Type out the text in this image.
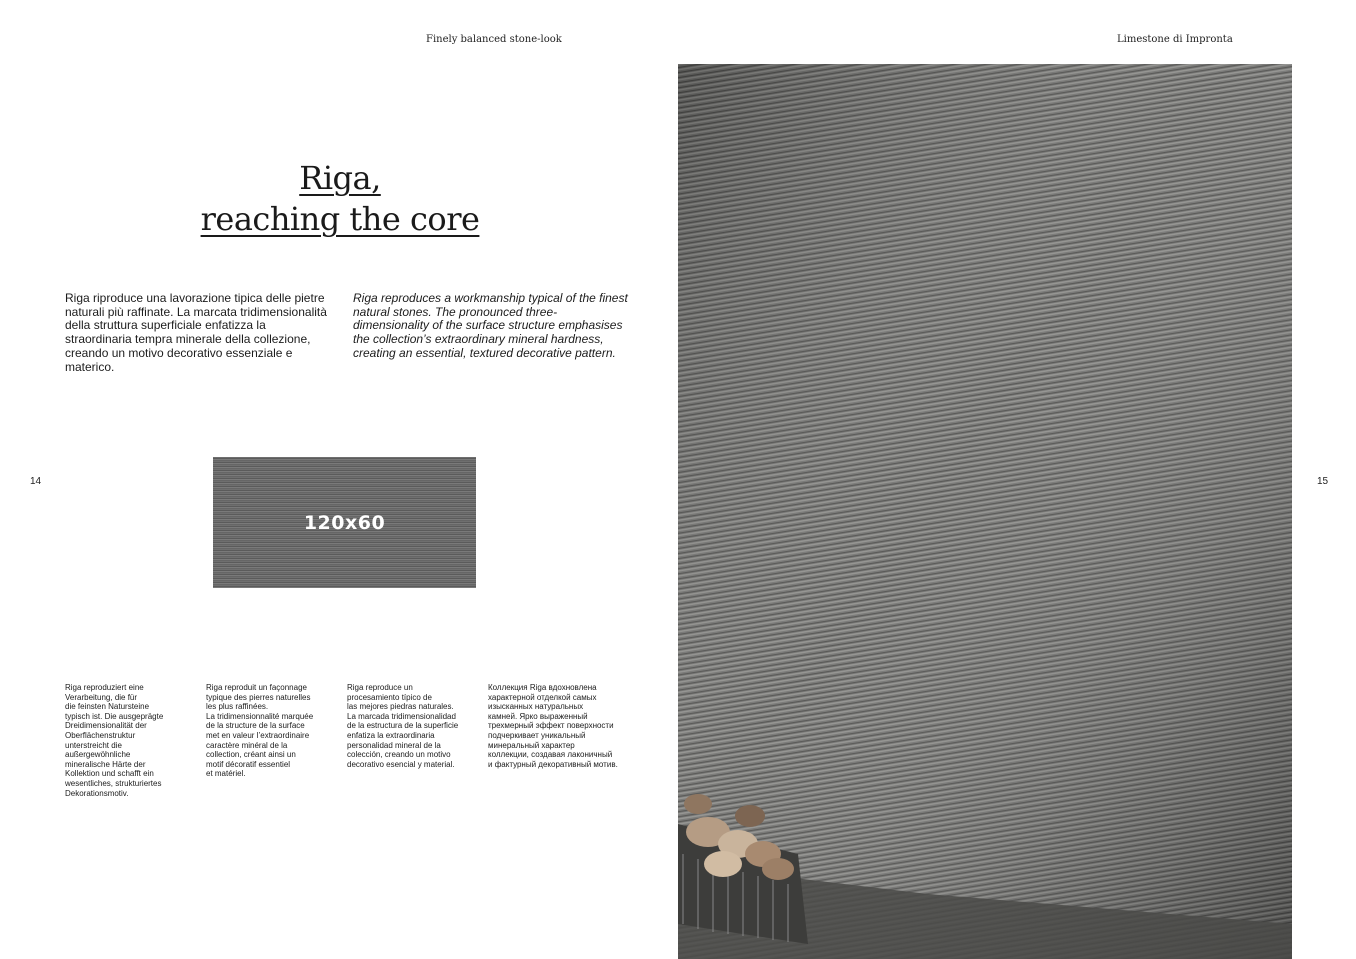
Finely balanced stone-look	Limestone di Impronta
14	15
Riga,
reaching the core
Riga riproduce una lavorazione tipica delle pietre naturali più raffinate. La marcata tridimensionalità della struttura superficiale enfatizza la straordinaria tempra minerale della collezione, creando un motivo decorativo essenziale e materico.
Riga reproduces a workmanship typical of the finest natural stones. The pronounced three-dimensionality of the surface structure emphasises the collection’s extraordinary mineral hardness, creating an essential, textured decorative pattern.
120x60
Riga reproduziert eine
Verarbeitung, die für
die feinsten Natursteine
typisch ist. Die ausgeprägte
Dreidimensionalität der
Oberflächenstruktur
unterstreicht die
außergewöhnliche
mineralische Härte der
Kollektion und schafft ein
wesentliches, strukturiertes
Dekorationsmotiv.
Riga reproduit un façonnage
typique des pierres naturelles
les plus raffinées.
La tridimensionnalité marquée
de la structure de la surface
met en valeur l’extraordinaire
caractère minéral de la
collection, créant ainsi un
motif décoratif essentiel
et matériel.
Riga reproduce un
procesamiento típico de
las mejores piedras naturales.
La marcada tridimensionalidad
de la estructura de la superficie
enfatiza la extraordinaria
personalidad mineral de la
colección, creando un motivo
decorativo esencial y material.
Коллекция Riga вдохновлена
характерной отделкой самых
изысканных натуральных
камней. Ярко выраженный
трехмерный эффект поверхности
подчеркивает уникальный
минеральный характер
коллекции, создавая лаконичный
и фактурный декоративный мотив.
